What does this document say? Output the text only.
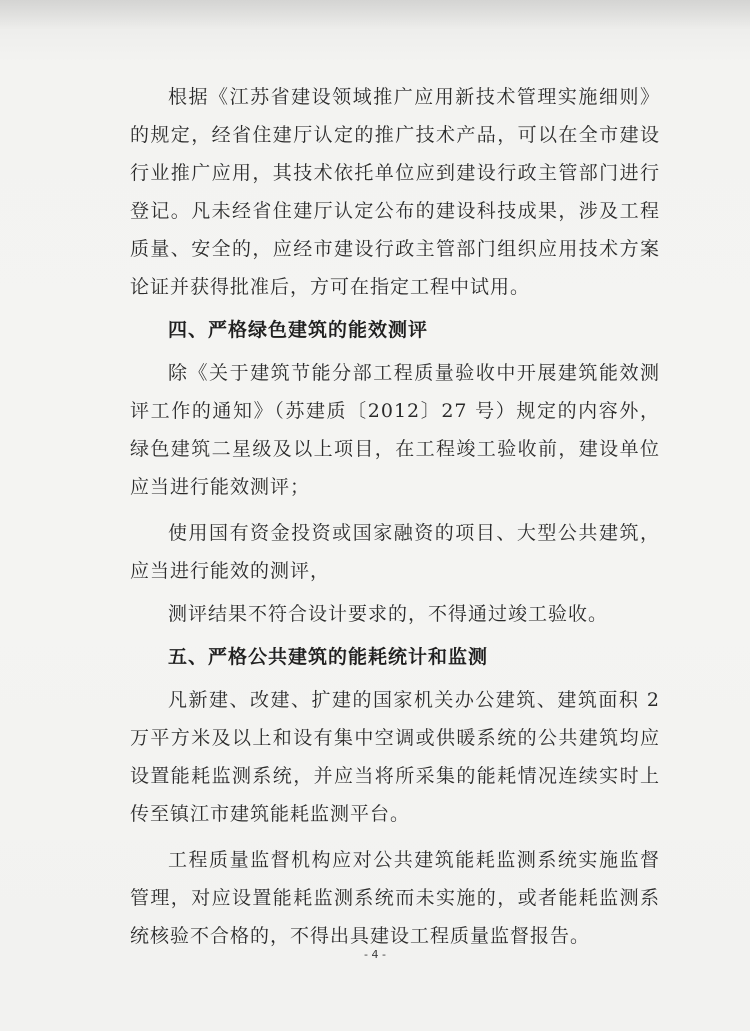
根据《江苏省建设领域推广应用新技术管理实施细则》的规定，经省住建厅认定的推广技术产品，可以在全市建设行业推广应用，其技术依托单位应到建设行政主管部门进行登记。凡未经省住建厅认定公布的建设科技成果，涉及工程质量、安全的，应经市建设行政主管部门组织应用技术方案论证并获得批准后，方可在指定工程中试用。

四、严格绿色建筑的能效测评

除《关于建筑节能分部工程质量验收中开展建筑能效测评工作的通知》（苏建质〔2012〕27 号）规定的内容外，绿色建筑二星级及以上项目，在工程竣工验收前，建设单位应当进行能效测评；

使用国有资金投资或国家融资的项目、大型公共建筑，应当进行能效的测评，

测评结果不符合设计要求的，不得通过竣工验收。

五、严格公共建筑的能耗统计和监测

凡新建、改建、扩建的国家机关办公建筑、建筑面积 2 万平方米及以上和设有集中空调或供暖系统的公共建筑均应设置能耗监测系统，并应当将所采集的能耗情况连续实时上传至镇江市建筑能耗监测平台。

工程质量监督机构应对公共建筑能耗监测系统实施监督管理，对应设置能耗监测系统而未实施的，或者能耗监测系统核验不合格的，不得出具建设工程质量监督报告。

- 4 -
